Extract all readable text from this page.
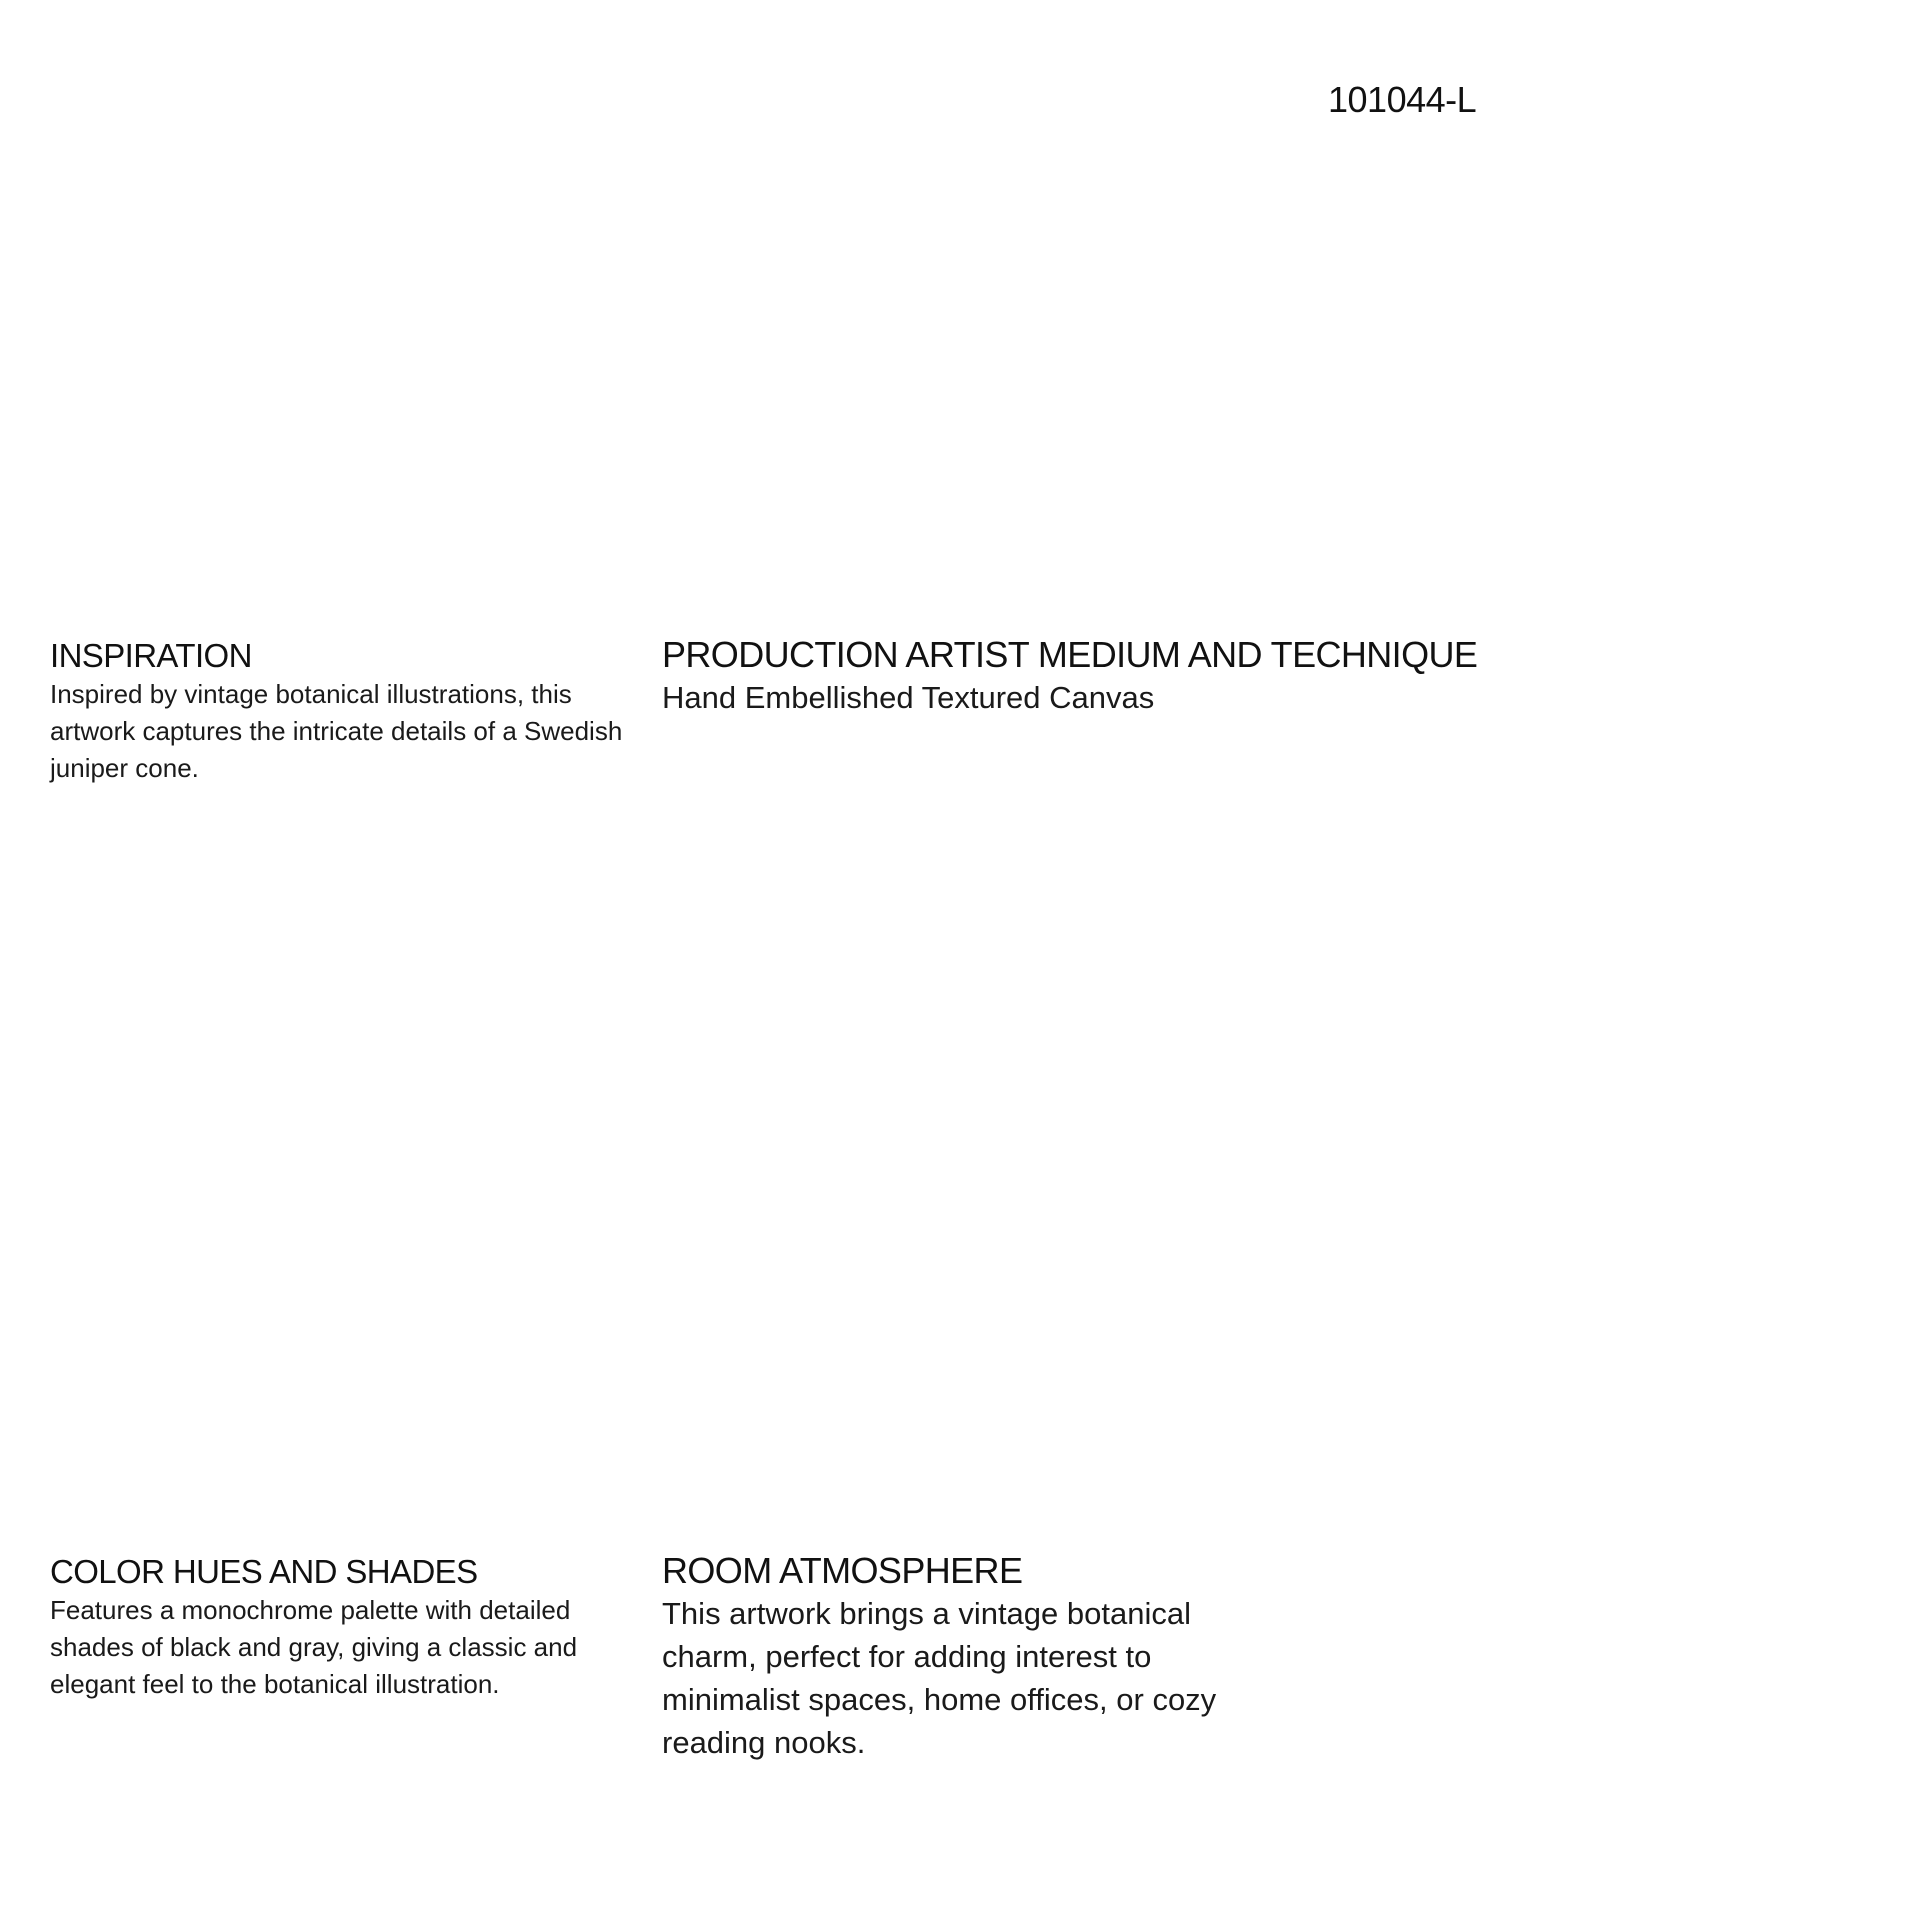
101044-L
INSPIRATION
Inspired by vintage botanical illustrations, this artwork captures the intricate details of a Swedish juniper cone.
PRODUCTION ARTIST MEDIUM AND TECHNIQUE
Hand Embellished Textured Canvas
COLOR HUES AND SHADES
Features a monochrome palette with detailed shades of black and gray, giving a classic and elegant feel to the botanical illustration.
ROOM ATMOSPHERE
This artwork brings a vintage botanical charm, perfect for adding interest to minimalist spaces, home offices, or cozy reading nooks.
